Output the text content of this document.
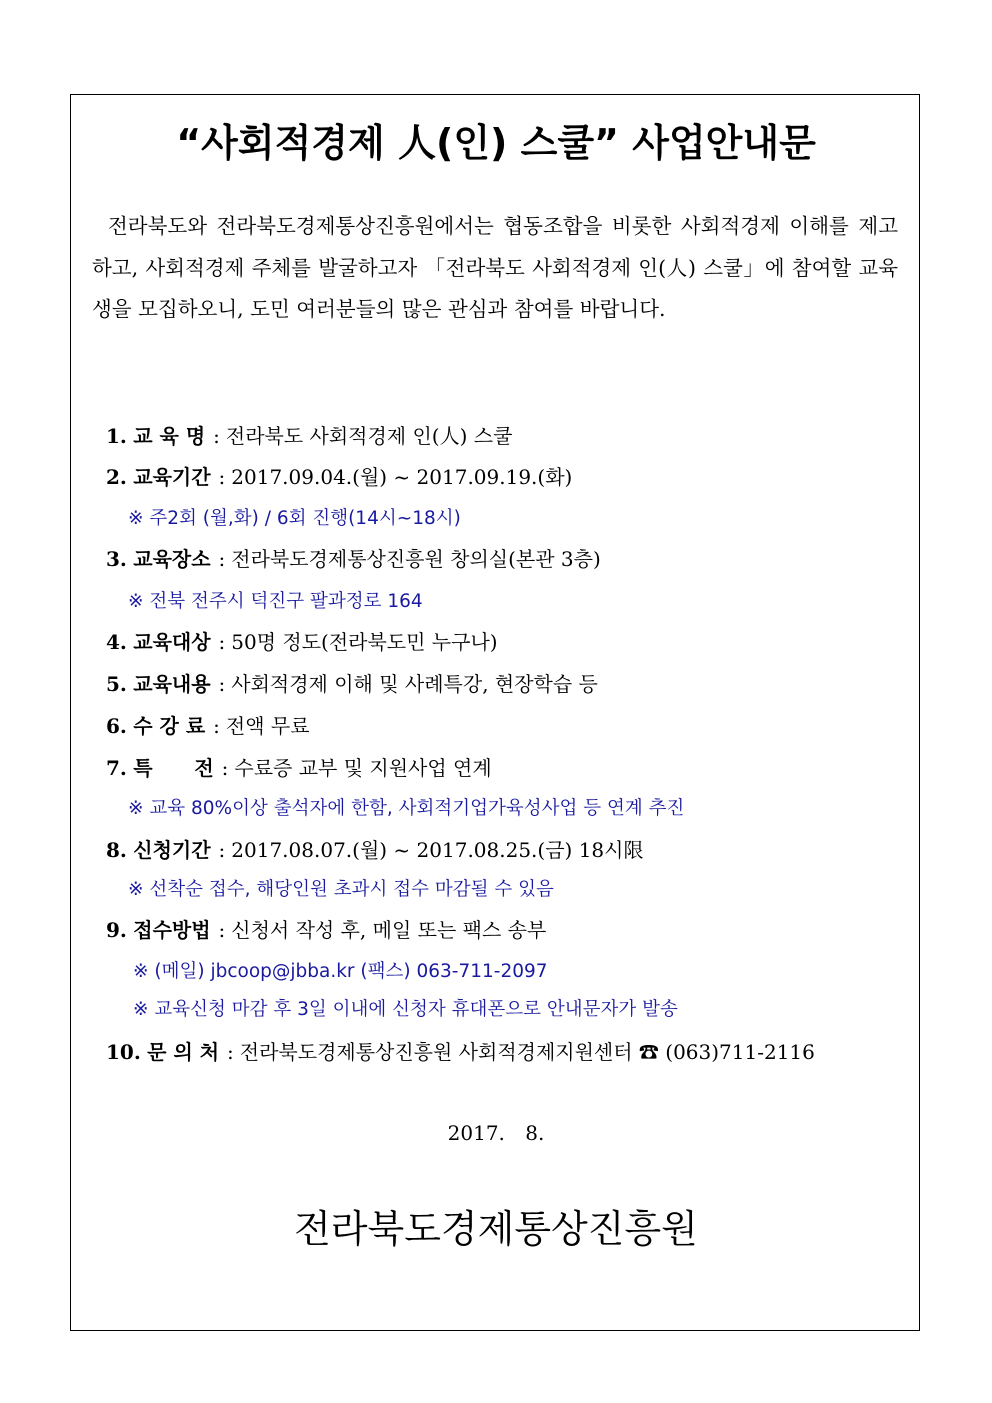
“사회적경제 人(인) 스쿨” 사업안내문
전라북도와 전라북도경제통상진흥원에서는 협동조합을 비롯한 사회적경제 이해를 제고하고, 사회적경제 주체를 발굴하고자 「전라북도 사회적경제 인(人) 스쿨」에 참여할 교육생을 모집하오니, 도민 여러분들의 많은 관심과 참여를 바랍니다.
1. 교 육 명 : 전라북도 사회적경제 인(人) 스쿨
2. 교육기간 : 2017.09.04.(월) ~ 2017.09.19.(화)
※ 주2회 (월,화) / 6회 진행(14시~18시)
3. 교육장소 : 전라북도경제통상진흥원 창의실(본관 3층)
※ 전북 전주시 덕진구 팔과정로 164
4. 교육대상 : 50명 정도(전라북도민 누구나)
5. 교육내용 : 사회적경제 이해 및 사례특강, 현장학습 등
6. 수 강 료 : 전액 무료
7. 특      전 : 수료증 교부 및 지원사업 연계
※ 교육 80%이상 출석자에 한함, 사회적기업가육성사업 등 연계 추진
8. 신청기간 : 2017.08.07.(월) ~ 2017.08.25.(금) 18시限
※ 선착순 접수, 해당인원 초과시 접수 마감될 수 있음
9. 접수방법 : 신청서 작성 후, 메일 또는 팩스 송부
※ (메일) jbcoop@jbba.kr (팩스) 063-711-2097
※ 교육신청 마감 후 3일 이내에 신청자 휴대폰으로 안내문자가 발송
10. 문 의 처 : 전라북도경제통상진흥원 사회적경제지원센터 ☎ (063)711-2116
2017. 8.
전라북도경제통상진흥원
